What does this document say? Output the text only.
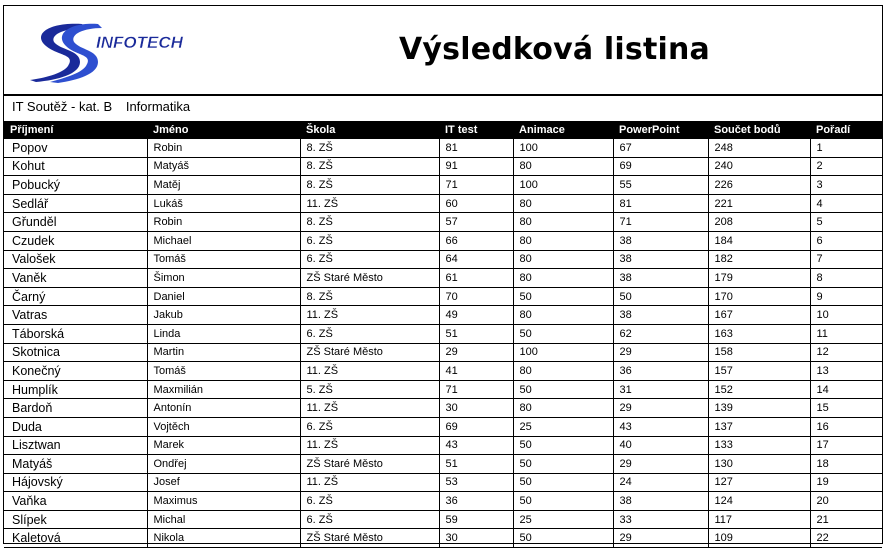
INFOTECH	Výsledková listina
IT Soutěž - kat. B Informatika
Příjmení	Jméno	Škola	IT test	Animace	PowerPoint	Součet bodů	Pořadí
Popov	Robin	8. ZŠ	81	100	67	248	1
Kohut	Matyáš	8. ZŠ	91	80	69	240	2
Pobucký	Matěj	8. ZŠ	71	100	55	226	3
Sedlář	Lukáš	11. ZŠ	60	80	81	221	4
Gřunděl	Robin	8. ZŠ	57	80	71	208	5
Czudek	Michael	6. ZŠ	66	80	38	184	6
Valošek	Tomáš	6. ZŠ	64	80	38	182	7
Vaněk	Šimon	ZŠ Staré Město	61	80	38	179	8
Čarný	Daniel	8. ZŠ	70	50	50	170	9
Vatras	Jakub	11. ZŠ	49	80	38	167	10
Táborská	Linda	6. ZŠ	51	50	62	163	11
Skotnica	Martin	ZŠ Staré Město	29	100	29	158	12
Konečný	Tomáš	11. ZŠ	41	80	36	157	13
Humplík	Maxmilián	5. ZŠ	71	50	31	152	14
Bardoň	Antonín	11. ZŠ	30	80	29	139	15
Duda	Vojtěch	6. ZŠ	69	25	43	137	16
Lisztwan	Marek	11. ZŠ	43	50	40	133	17
Matyáš	Ondřej	ZŠ Staré Město	51	50	29	130	18
Hájovský	Josef	11. ZŠ	53	50	24	127	19
Vaňka	Maximus	6. ZŠ	36	50	38	124	20
Slípek	Michal	6. ZŠ	59	25	33	117	21
Kaletová	Nikola	ZŠ Staré Město	30	50	29	109	22
